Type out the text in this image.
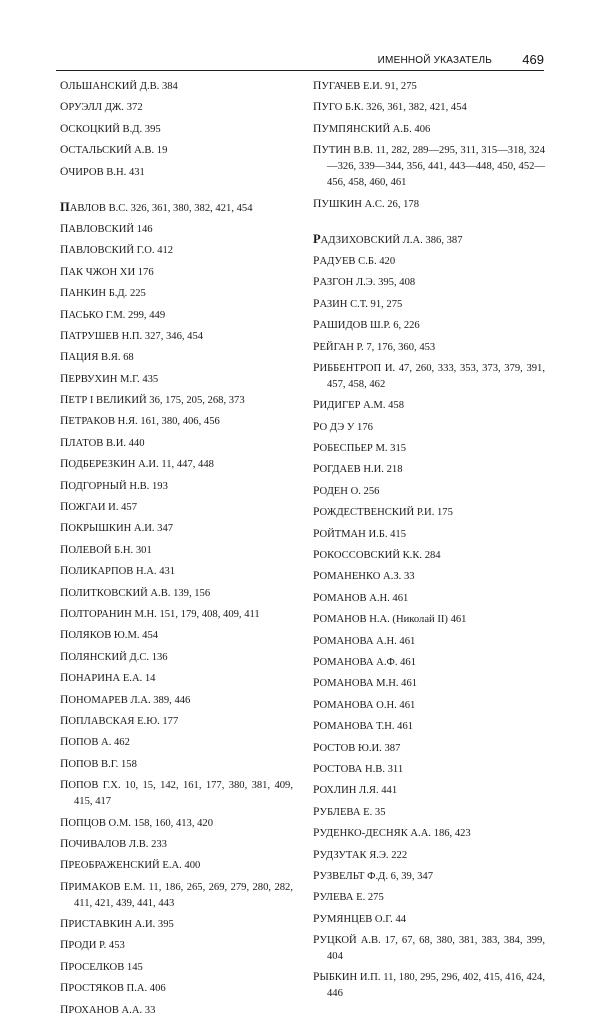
ИМЕННОЙ УКАЗАТЕЛЬ 469
ОЛЬШАНСКИЙ Д.В. 384
ОРУЭЛЛ ДЖ. 372
ОСКОЦКИЙ В.Д. 395
ОСТАЛЬСКИЙ А.В. 19
ОЧИРОВ В.Н. 431
ПАВЛОВ В.С. 326, 361, 380, 382, 421, 454
ПАВЛОВСКИЙ 146
ПАВЛОВСКИЙ Г.О. 412
ПАК ЧЖОН ХИ 176
ПАНКИН Б.Д. 225
ПАСЬКО Г.М. 299, 449
ПАТРУШЕВ Н.П. 327, 346, 454
ПАЦИЯ В.Я. 68
ПЕРВУХИН М.Г. 435
ПЕТР I ВЕЛИКИЙ 36, 175, 205, 268, 373
ПЕТРАКОВ Н.Я. 161, 380, 406, 456
ПЛАТОВ В.И. 440
ПОДБЕРЕЗКИН А.И. 11, 447, 448
ПОДГОРНЫЙ Н.В. 193
ПОЖГАИ И. 457
ПОКРЫШКИН А.И. 347
ПОЛЕВОЙ Б.Н. 301
ПОЛИКАРПОВ Н.А. 431
ПОЛИТКОВСКИЙ А.В. 139, 156
ПОЛТОРАНИН М.Н. 151, 179, 408, 409, 411
ПОЛЯКОВ Ю.М. 454
ПОЛЯНСКИЙ Д.С. 136
ПОНАРИНА Е.А. 14
ПОНОМАРЕВ Л.А. 389, 446
ПОПЛАВСКАЯ Е.Ю. 177
ПОПОВ А. 462
ПОПОВ В.Г. 158
ПОПОВ Г.Х. 10, 15, 142, 161, 177, 380, 381, 409, 415, 417
ПОПЦОВ О.М. 158, 160, 413, 420
ПОЧИВАЛОВ Л.В. 233
ПРЕОБРАЖЕНСКИЙ Е.А. 400
ПРИМАКОВ Е.М. 11, 186, 265, 269, 279, 280, 282, 411, 421, 439, 441, 443
ПРИСТАВКИН А.И. 395
ПРОДИ Р. 453
ПРОСЕЛКОВ 145
ПРОСТЯКОВ П.А. 406
ПРОХАНОВ А.А. 33
ПУГАЧЕВ Е.И. 91, 275
ПУГО Б.К. 326, 361, 382, 421, 454
ПУМПЯНСКИЙ А.Б. 406
ПУТИН В.В. 11, 282, 289—295, 311, 315—318, 324—326, 339—344, 356, 441, 443—448, 450, 452—456, 458, 460, 461
ПУШКИН А.С. 26, 178
РАДЗИХОВСКИЙ Л.А. 386, 387
РАДУЕВ С.Б. 420
РАЗГОН Л.Э. 395, 408
РАЗИН С.Т. 91, 275
РАШИДОВ Ш.Р. 6, 226
РЕЙГАН Р. 7, 176, 360, 453
РИББЕНТРОП И. 47, 260, 333, 353, 373, 379, 391, 457, 458, 462
РИДИГЕР А.М. 458
РО ДЭ У 176
РОБЕСПЬЕР М. 315
РОГДАЕВ Н.И. 218
РОДЕН О. 256
РОЖДЕСТВЕНСКИЙ Р.И. 175
РОЙТМАН И.Б. 415
РОКОССОВСКИЙ К.К. 284
РОМАНЕНКО А.З. 33
РОМАНОВ А.Н. 461
РОМАНОВ Н.А. (Николай II) 461
РОМАНОВА А.Н. 461
РОМАНОВА А.Ф. 461
РОМАНОВА М.Н. 461
РОМАНОВА О.Н. 461
РОМАНОВА Т.Н. 461
РОСТОВ Ю.И. 387
РОСТОВА Н.В. 311
РОХЛИН Л.Я. 441
РУБЛЕВА Е. 35
РУДЕНКО-ДЕСНЯК А.А. 186, 423
РУДЗУТАК Я.Э. 222
РУЗВЕЛЬТ Ф.Д. 6, 39, 347
РУЛЕВА Е. 275
РУМЯНЦЕВ О.Г. 44
РУЦКОЙ А.В. 17, 67, 68, 380, 381, 383, 384, 399, 404
РЫБКИН И.П. 11, 180, 295, 296, 402, 415, 416, 424, 446
